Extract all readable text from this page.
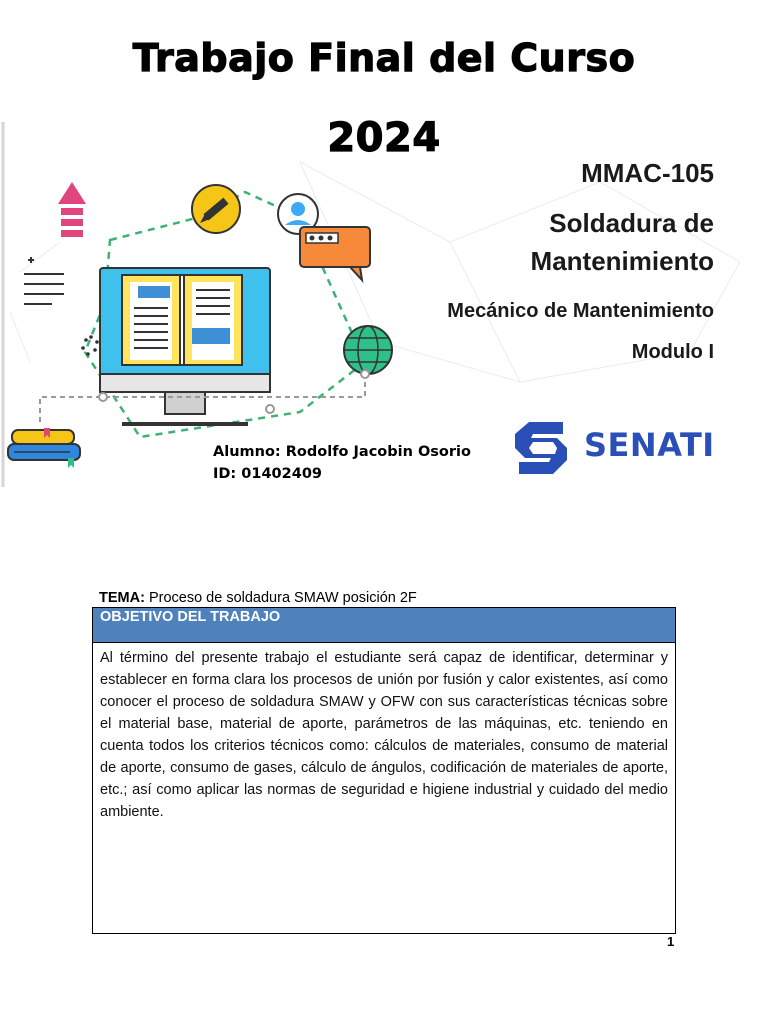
Trabajo Final del Curso
2024
MMAC-105
Soldadura de
Mantenimiento
Mecánico de Mantenimiento
Modulo I
Alumno: Rodolfo Jacobin Osorio
ID: 01402409
SENATI
TEMA: Proceso de soldadura SMAW posición 2F
OBJETIVO DEL TRABAJO
Al término del presente trabajo el estudiante será capaz de identificar, determinar y establecer en forma clara los procesos de unión por fusión y calor existentes, así como conocer el proceso de soldadura SMAW y OFW con sus características técnicas sobre el material base, material de aporte, parámetros de las máquinas, etc. teniendo en cuenta todos los criterios técnicos como: cálculos de materiales, consumo de material de aporte, consumo de gases, cálculo de ángulos, codificación de materiales de aporte, etc.; así como aplicar las normas de seguridad e higiene industrial y cuidado del medio ambiente.
1
